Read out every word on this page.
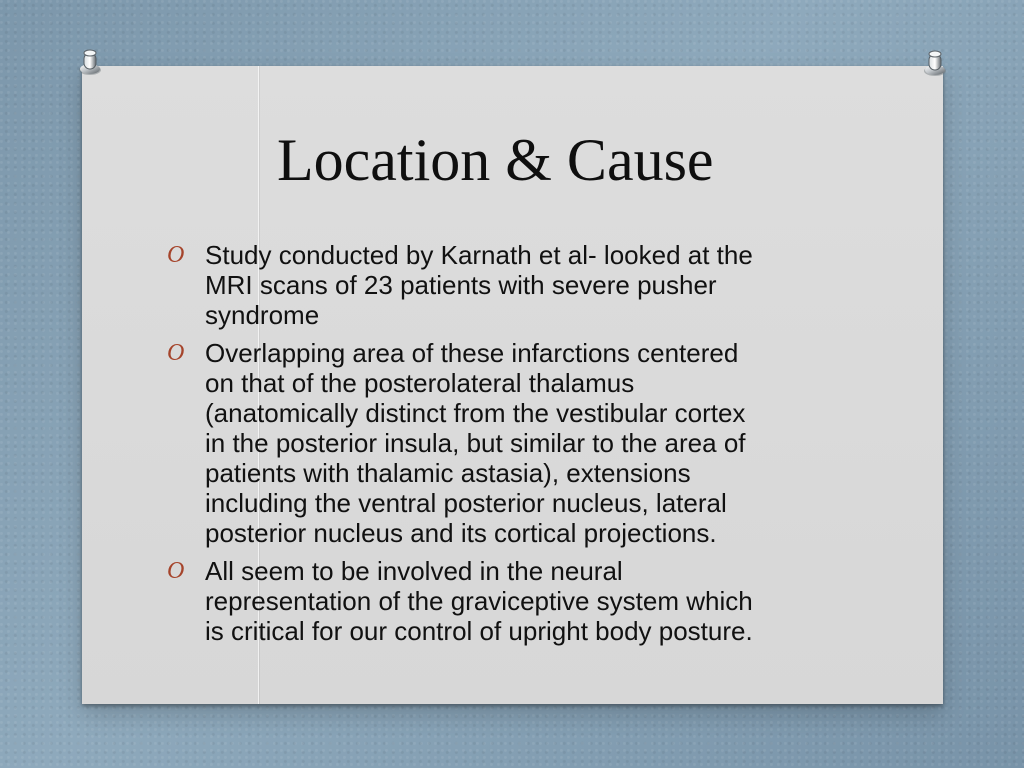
Location & Cause
O Study conducted by Karnath et al- looked at the
MRI scans of 23 patients with severe pusher
syndrome
O Overlapping area of these infarctions centered
on that of the posterolateral thalamus
(anatomically distinct from the vestibular cortex
in the posterior insula, but similar to the area of
patients with thalamic astasia), extensions
including the ventral posterior nucleus, lateral
posterior nucleus and its cortical projections.
O All seem to be involved in the neural
representation of the graviceptive system which
is critical for our control of upright body posture.
